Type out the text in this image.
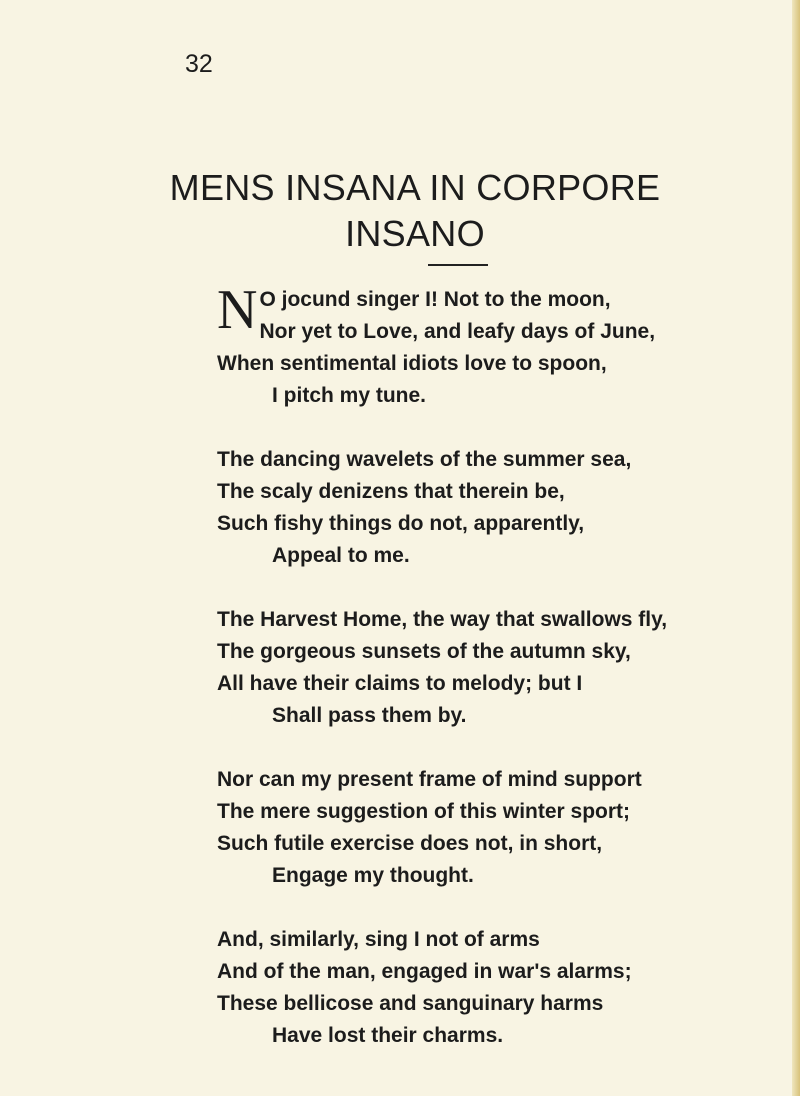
32
MENS INSANA IN CORPORE
INSANO
N O jocund singer I! Not to the moon,
Nor yet to Love, and leafy days of June,
When sentimental idiots love to spoon,
I pitch my tune.
The dancing wavelets of the summer sea,
The scaly denizens that therein be,
Such fishy things do not, apparently,
Appeal to me.
The Harvest Home, the way that swallows fly,
The gorgeous sunsets of the autumn sky,
All have their claims to melody; but I
Shall pass them by.
Nor can my present frame of mind support
The mere suggestion of this winter sport;
Such futile exercise does not, in short,
Engage my thought.
And, similarly, sing I not of arms
And of the man, engaged in war's alarms;
These bellicose and sanguinary harms
Have lost their charms.
